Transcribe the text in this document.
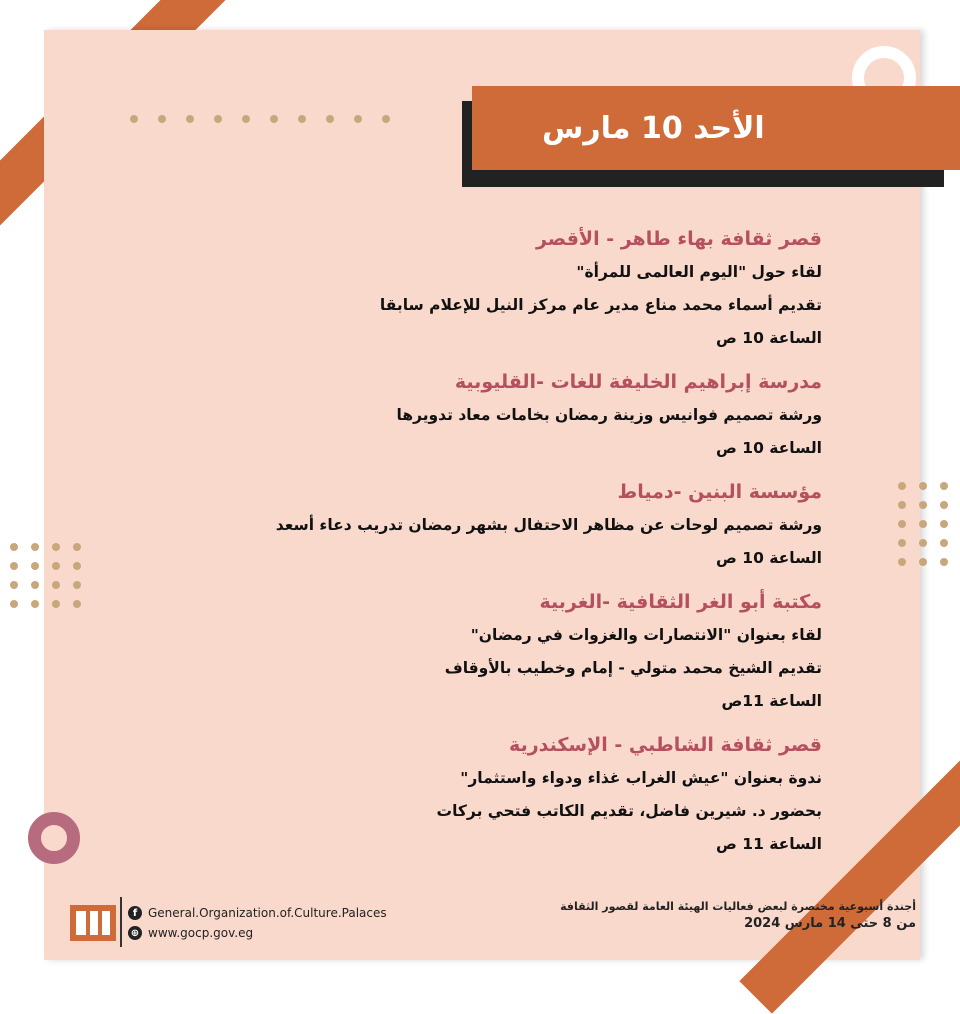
الأحد 10 مارس
قصر ثقافة بهاء طاهر - الأقصر
لقاء حول "اليوم العالمى للمرأة"
تقديم أسماء محمد مناع مدير عام مركز النيل للإعلام سابقا
الساعة 10 ص
مدرسة إبراهيم الخليفة للغات -القليوبية
ورشة تصميم فوانيس وزينة رمضان بخامات معاد تدويرها
الساعة 10 ص
مؤسسة البنين -دمياط
ورشة تصميم لوحات عن مظاهر الاحتفال بشهر رمضان تدريب دعاء أسعد
الساعة 10 ص
مكتبة أبو الغر الثقافية -الغربية
لقاء بعنوان "الانتصارات والغزوات في رمضان"
تقديم الشيخ محمد متولي - إمام وخطيب بالأوقاف
الساعة 11ص
قصر ثقافة الشاطبي - الإسكندرية
ندوة بعنوان "عيش الغراب غذاء ودواء واستثمار"
بحضور د. شيرين فاضل، تقديم الكاتب فتحي بركات
الساعة 11 ص
f General.Organization.of.Culture.Palaces
⊕ www.gocp.gov.eg
أجندة أسبوعية مختصرة لبعض فعاليات الهيئة العامة لقصور الثقافة
من 8 حتى 14 مارس 2024
